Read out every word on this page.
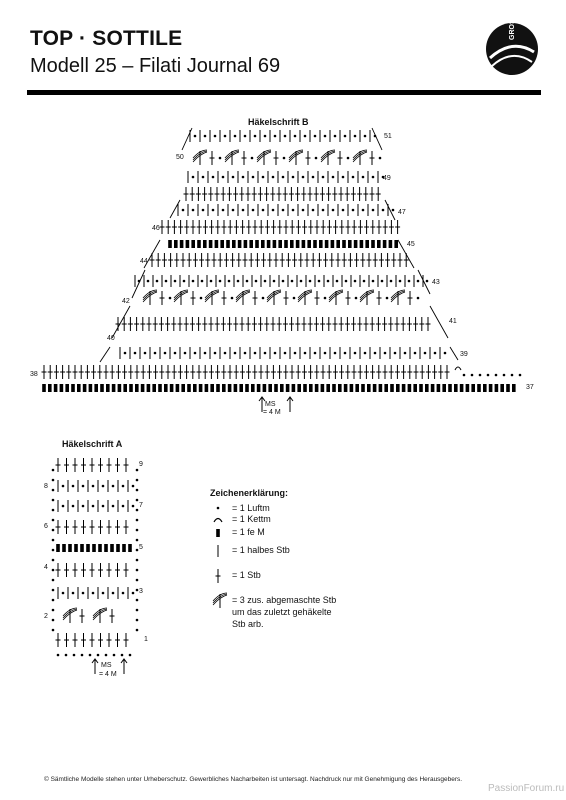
TOP · SOTTILE
Modell 25 – Filati Journal 69
GROSSA
Häkelschrift B
Häkelschrift A
37
38
39
40
41
42
43
44
45
46
47
49
50
51
MS
= 4 M
1
2
3
4
5
6
7
8
9
MS
= 4 M
Zeichenerklärung:
= 1 Luftm
= 1 Kettm
= 1 fe M
= 1 halbes Stb
= 1 Stb
= 3 zus. abgemaschte Stb
um das zuletzt gehäkelte
Stb arb.
© Sämtliche Modelle stehen unter Urheberschutz. Gewerbliches Nacharbeiten ist untersagt. Nachdruck nur mit Genehmigung des Herausgebers.
PassionForum.ru
